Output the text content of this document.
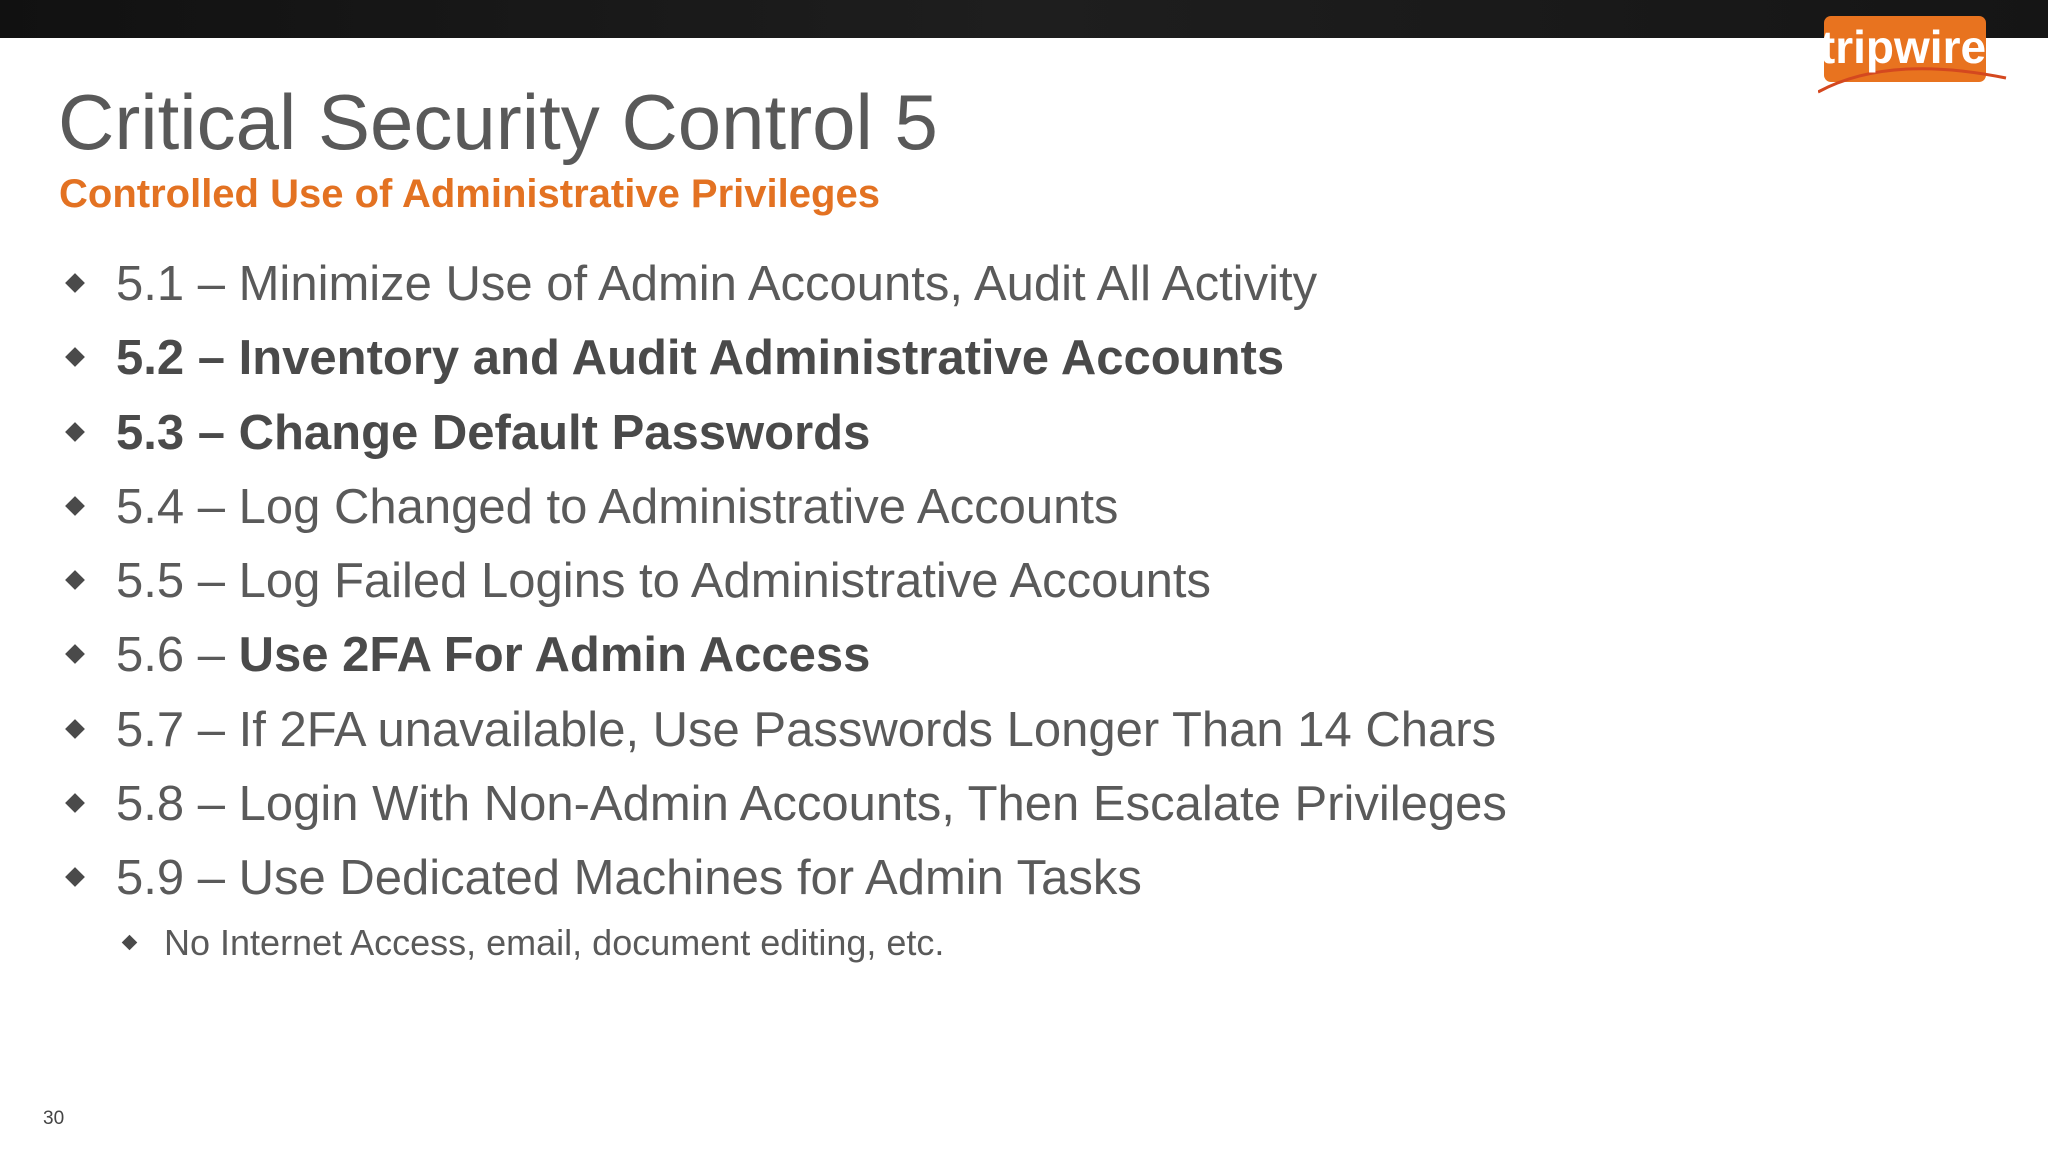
tripwire
Critical Security Control 5
Controlled Use of Administrative Privileges
5.1 – Minimize Use of Admin Accounts, Audit All Activity
5.2 – Inventory and Audit Administrative Accounts
5.3 – Change Default Passwords
5.4 – Log Changed to Administrative Accounts
5.5 – Log Failed Logins to Administrative Accounts
5.6 – Use 2FA For Admin Access
5.7 – If 2FA unavailable, Use Passwords Longer Than 14 Chars
5.8 – Login With Non-Admin Accounts, Then Escalate Privileges
5.9 – Use Dedicated Machines for Admin Tasks
No Internet Access, email, document editing, etc.
30
